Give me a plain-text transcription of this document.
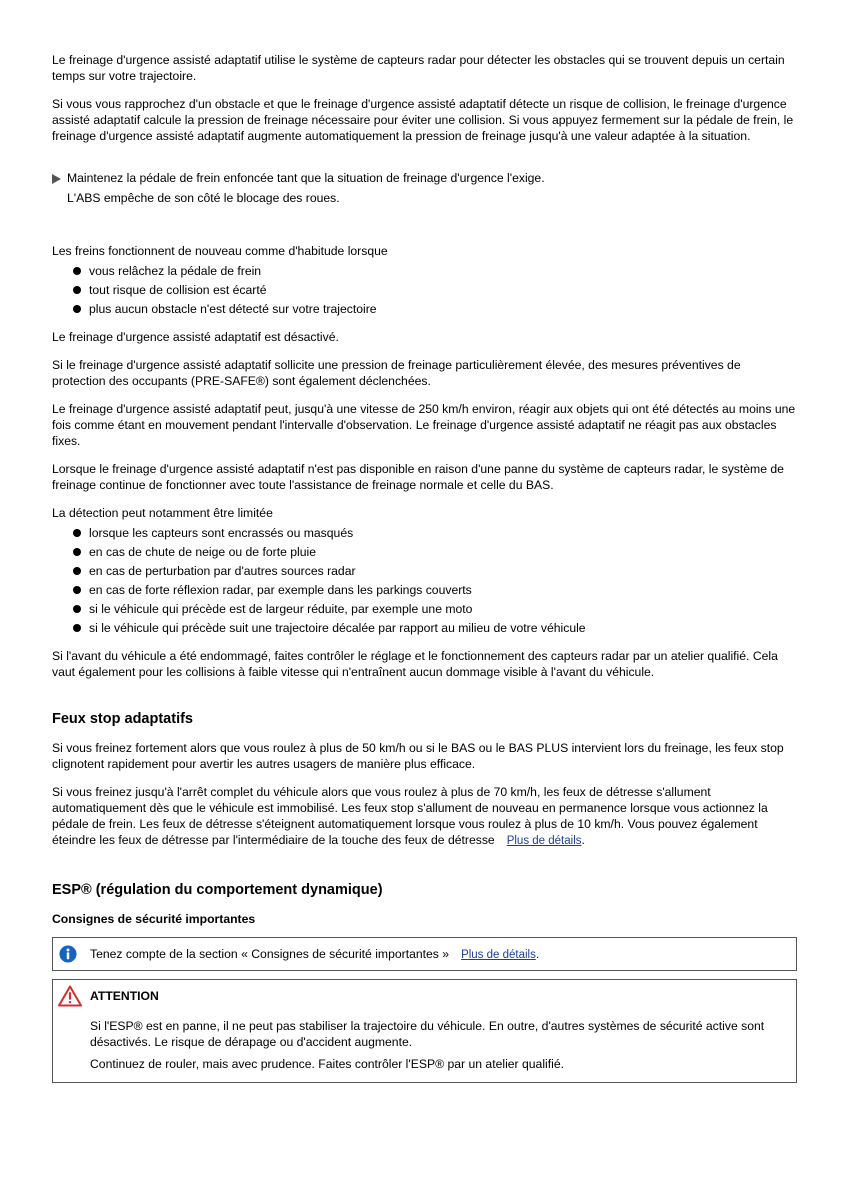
Le freinage d'urgence assisté adaptatif utilise le système de capteurs radar pour détecter les obstacles qui se trouvent depuis un certain temps sur votre trajectoire.

Si vous vous rapprochez d'un obstacle et que le freinage d'urgence assisté adaptatif détecte un risque de collision, le freinage d'urgence assisté adaptatif calcule la pression de freinage nécessaire pour éviter une collision. Si vous appuyez fermement sur la pédale de frein, le freinage d'urgence assisté adaptatif augmente automatiquement la pression de freinage jusqu'à une valeur adaptée à la situation.

Maintenez la pédale de frein enfoncée tant que la situation de freinage d'urgence l'exige.
L'ABS empêche de son côté le blocage des roues.

Les freins fonctionnent de nouveau comme d'habitude lorsque

vous relâchez la pédale de frein
tout risque de collision est écarté
plus aucun obstacle n'est détecté sur votre trajectoire

Le freinage d'urgence assisté adaptatif est désactivé.

Si le freinage d'urgence assisté adaptatif sollicite une pression de freinage particulièrement élevée, des mesures préventives de protection des occupants (PRE-SAFE®) sont également déclenchées.

Le freinage d'urgence assisté adaptatif peut, jusqu'à une vitesse de 250 km/h environ, réagir aux objets qui ont été détectés au moins une fois comme étant en mouvement pendant l'intervalle d'observation. Le freinage d'urgence assisté adaptatif ne réagit pas aux obstacles fixes.

Lorsque le freinage d'urgence assisté adaptatif n'est pas disponible en raison d'une panne du système de capteurs radar, le système de freinage continue de fonctionner avec toute l'assistance de freinage normale et celle du BAS.

La détection peut notamment être limitée

lorsque les capteurs sont encrassés ou masqués
en cas de chute de neige ou de forte pluie
en cas de perturbation par d'autres sources radar
en cas de forte réflexion radar, par exemple dans les parkings couverts
si le véhicule qui précède est de largeur réduite, par exemple une moto
si le véhicule qui précède suit une trajectoire décalée par rapport au milieu de votre véhicule

Si l'avant du véhicule a été endommagé, faites contrôler le réglage et le fonctionnement des capteurs radar par un atelier qualifié. Cela vaut également pour les collisions à faible vitesse qui n'entraînent aucun dommage visible à l'avant du véhicule.

Feux stop adaptatifs

Si vous freinez fortement alors que vous roulez à plus de 50 km/h ou si le BAS ou le BAS PLUS intervient lors du freinage, les feux stop clignotent rapidement pour avertir les autres usagers de manière plus efficace.

Si vous freinez jusqu'à l'arrêt complet du véhicule alors que vous roulez à plus de 70 km/h, les feux de détresse s'allument automatiquement dès que le véhicule est immobilisé. Les feux stop s'allument de nouveau en permanence lorsque vous actionnez la pédale de frein. Les feux de détresse s'éteignent automatiquement lorsque vous roulez à plus de 10 km/h. Vous pouvez également éteindre les feux de détresse par l'intermédiaire de la touche des feux de détresse Plus de détails.

ESP® (régulation du comportement dynamique)
Consignes de sécurité importantes
Tenez compte de la section « Consignes de sécurité importantes » Plus de détails.
ATTENTION

Si l'ESP® est en panne, il ne peut pas stabiliser la trajectoire du véhicule. En outre, d'autres systèmes de sécurité active sont désactivés. Le risque de dérapage ou d'accident augmente.

Continuez de rouler, mais avec prudence. Faites contrôler l'ESP® par un atelier qualifié.
